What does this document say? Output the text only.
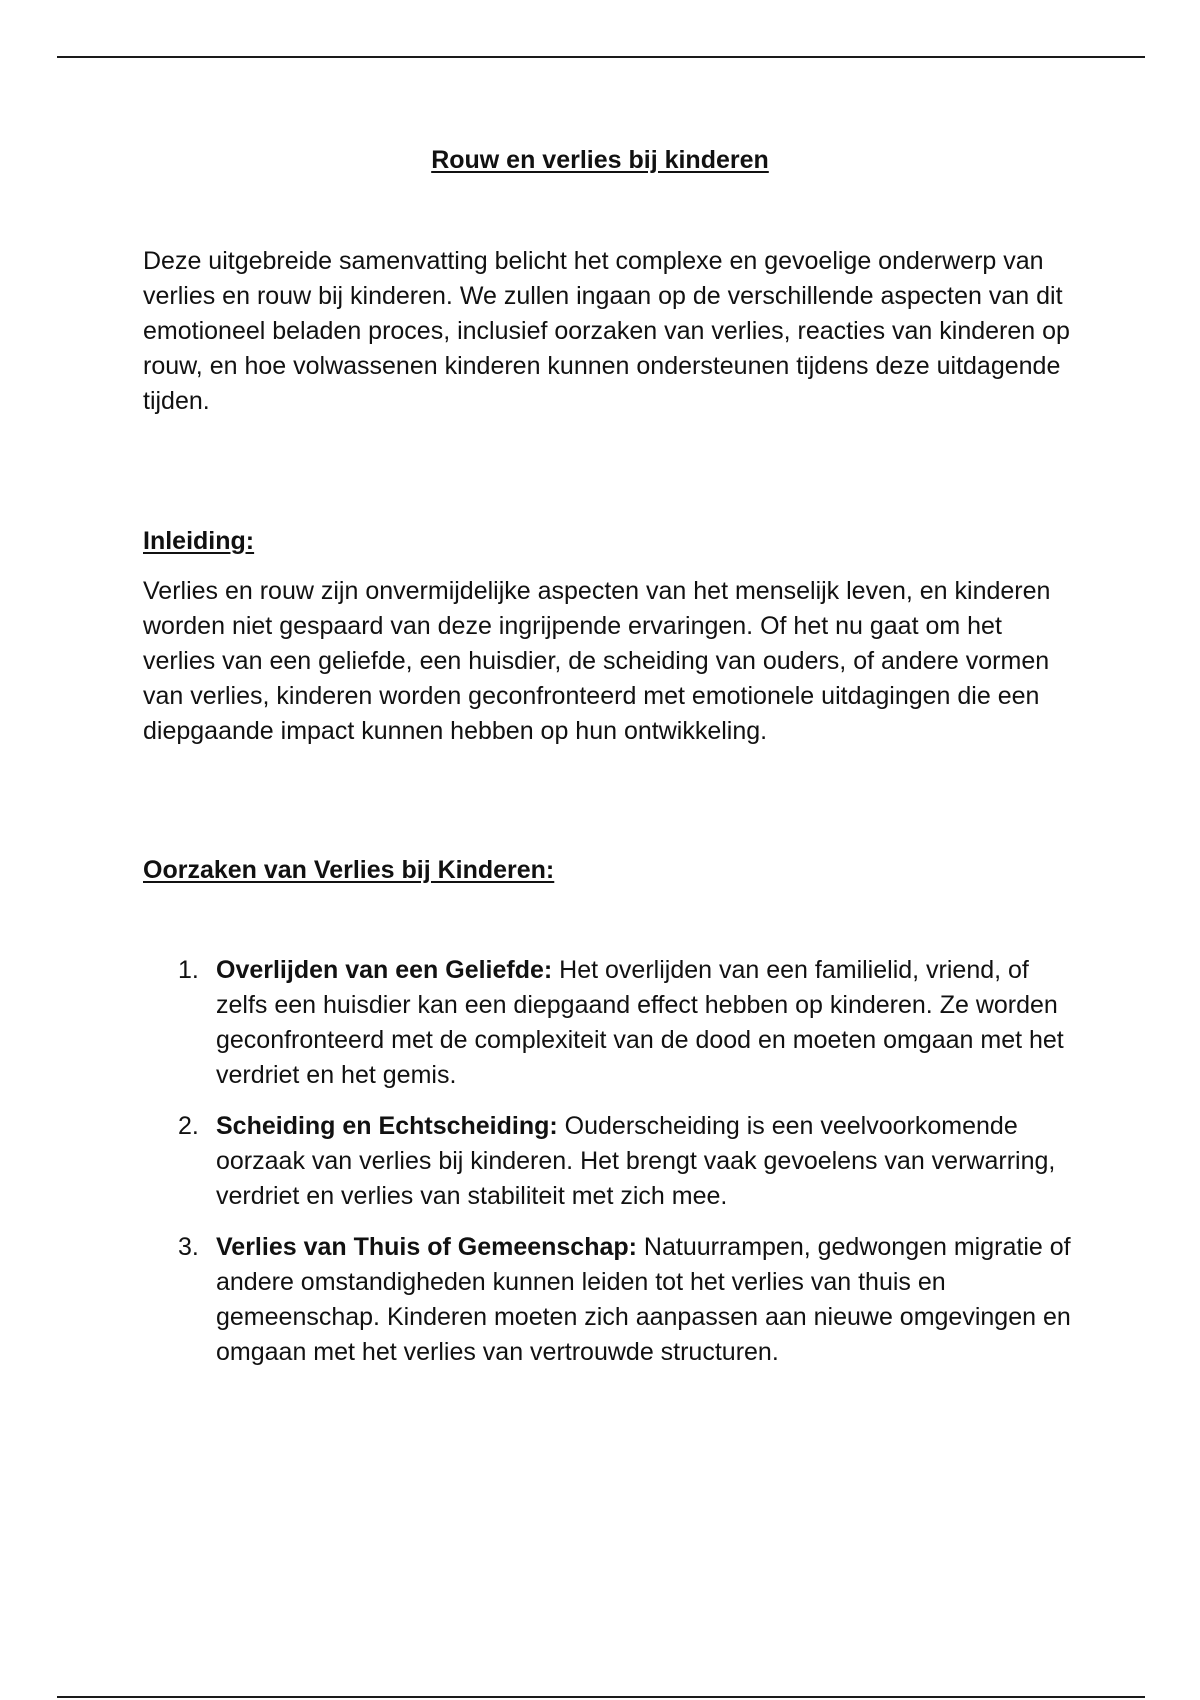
Rouw en verlies bij kinderen

Deze uitgebreide samenvatting belicht het complexe en gevoelige onderwerp van verlies en rouw bij kinderen. We zullen ingaan op de verschillende aspecten van dit emotioneel beladen proces, inclusief oorzaken van verlies, reacties van kinderen op rouw, en hoe volwassenen kinderen kunnen ondersteunen tijdens deze uitdagende tijden.

Inleiding:

Verlies en rouw zijn onvermijdelijke aspecten van het menselijk leven, en kinderen worden niet gespaard van deze ingrijpende ervaringen. Of het nu gaat om het verlies van een geliefde, een huisdier, de scheiding van ouders, of andere vormen van verlies, kinderen worden geconfronteerd met emotionele uitdagingen die een diepgaande impact kunnen hebben op hun ontwikkeling.

Oorzaken van Verlies bij Kinderen:
1. Overlijden van een Geliefde: Het overlijden van een familielid, vriend, of zelfs een huisdier kan een diepgaand effect hebben op kinderen. Ze worden geconfronteerd met de complexiteit van de dood en moeten omgaan met het verdriet en het gemis.
2. Scheiding en Echtscheiding: Ouderscheiding is een veelvoorkomende oorzaak van verlies bij kinderen. Het brengt vaak gevoelens van verwarring, verdriet en verlies van stabiliteit met zich mee.
3. Verlies van Thuis of Gemeenschap: Natuurrampen, gedwongen migratie of andere omstandigheden kunnen leiden tot het verlies van thuis en gemeenschap. Kinderen moeten zich aanpassen aan nieuwe omgevingen en omgaan met het verlies van vertrouwde structuren.
